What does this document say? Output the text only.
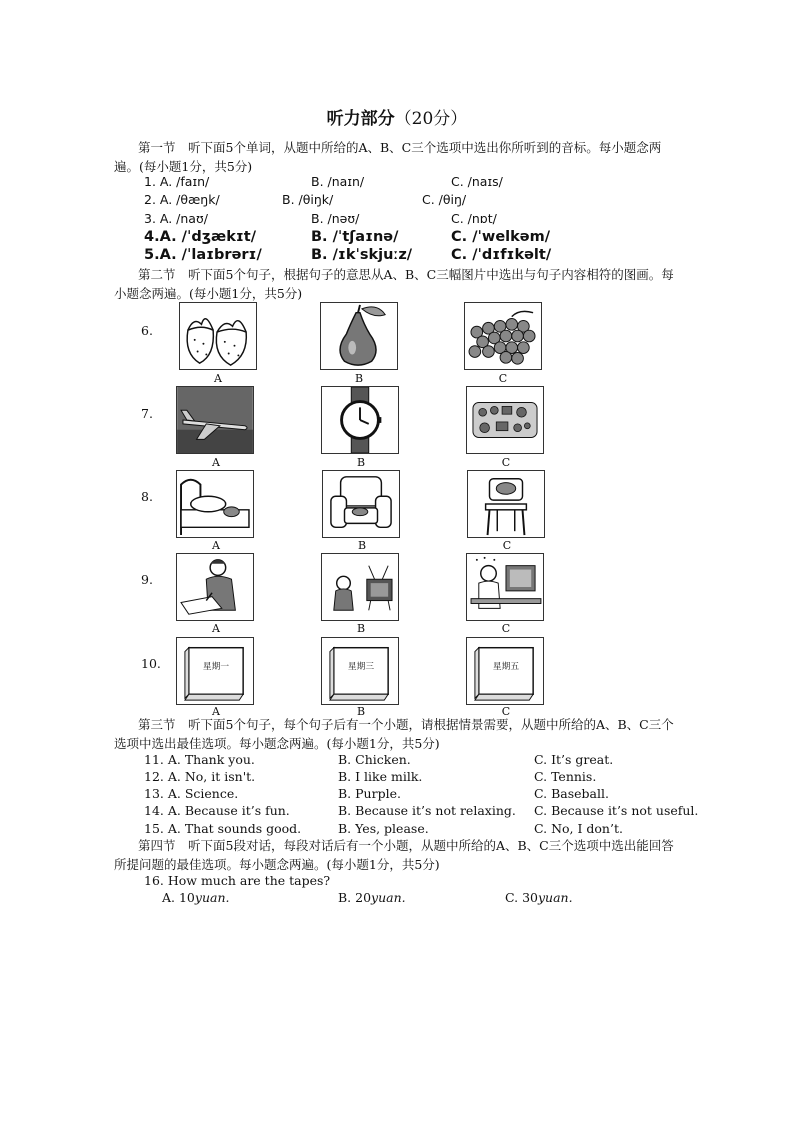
听力部分（20分）
第一节　听下面5个单词，从题中所给的A、B、C三个选项中选出你所听到的音标。每小题念两遍。(每小题1分，共5分)
1. A. /faɪn/	B. /naɪn/	C. /naɪs/
2. A. /θæŋk/	B. /θiŋk/	C. /θiŋ/
3. A. /naʊ/	B. /nəʊ/	C. /nɒt/
4.A. /ˈdʒækɪt/	B. /ˈtʃaɪnə/	C. /ˈwelkəm/
5.A. /ˈlaɪbrərɪ/	B. /ɪkˈskjuːz/	C. /ˈdɪfɪkəlt/
第二节　听下面5个句子，根据句子的意思从A、B、C三幅图片中选出与句子内容相符的图画。每小题念两遍。(每小题1分，共5分)
6.
A	B	C
7.
A	B	C
8.
A	B	C
9.
A	B	C
10.	星期一	星期三	星期五
A	B	C
第三节　听下面5个句子，每个句子后有一个小题，请根据情景需要，从题中所给的A、B、C三个选项中选出最佳选项。每小题念两遍。(每小题1分，共5分)
11. A. Thank you.	B. Chicken.	C. It’s great.
12. A. No, it isn't.	B. I like milk.	C. Tennis.
13. A. Science.	B. Purple.	C. Baseball.
14. A. Because it’s fun.	B. Because it’s not relaxing. C. Because it’s not useful.
15. A. That sounds good.	B. Yes, please.	C. No, I don’t.
第四节　听下面5段对话，每段对话后有一个小题，从题中所给的A、B、C三个选项中选出能回答所提问题的最佳选项。每小题念两遍。(每小题1分，共5分)
16. How much are the tapes?
A. 10yuan.	B. 20yuan.	C. 30yuan.
